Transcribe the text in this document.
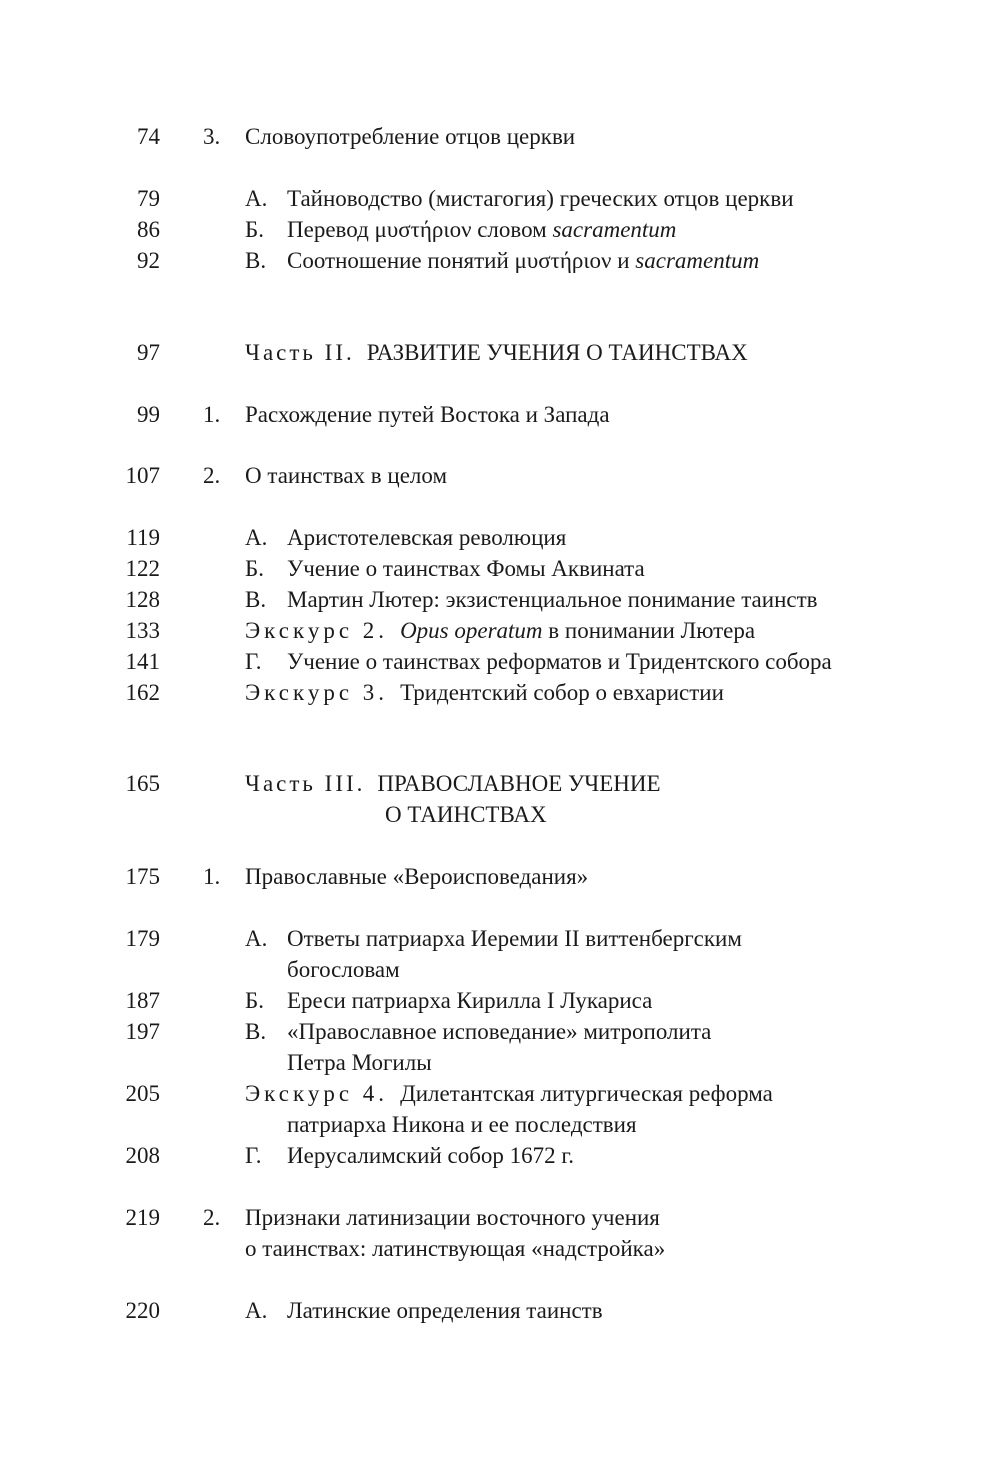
74 3. Словоупотребление отцов церкви
79	А. Тайноводство (мистагогия) греческих отцов церкви
86	Б. Перевод μυστήριον словом sacramentum
92	В. Соотношение понятий μυστήριον и sacramentum
97	Часть II. РАЗВИТИЕ УЧЕНИЯ О ТАИНСТВАХ
99 1. Расхождение путей Востока и Запада
107 2. О таинствах в целом
119	А. Аристотелевская революция
122	Б. Учение о таинствах Фомы Аквината
128	В. Мартин Лютер: экзистенциальное понимание таинств
133	Экскурс 2. Opus operatum в понимании Лютера
141	Г. Учение о таинствах реформатов и Тридентского собора
162	Экскурс 3. Тридентский собор о евхаристии
165	Часть III. ПРАВОСЛАВНОЕ УЧЕНИЕ
О ТАИНСТВАХ
175 1. Православные «Вероисповедания»
179	А. Ответы патриарха Иеремии II виттенбергским
богословам
187	Б. Ереси патриарха Кирилла I Лукариса
197	В. «Православное исповедание» митрополита
Петра Могилы
205	Экскурс 4. Дилетантская литургическая реформа
патриарха Никона и ее последствия
208	Г. Иерусалимский собор 1672 г.
219 2. Признаки латинизации восточного учения
о таинствах: латинствующая «надстройка»
220	А. Латинские определения таинств
